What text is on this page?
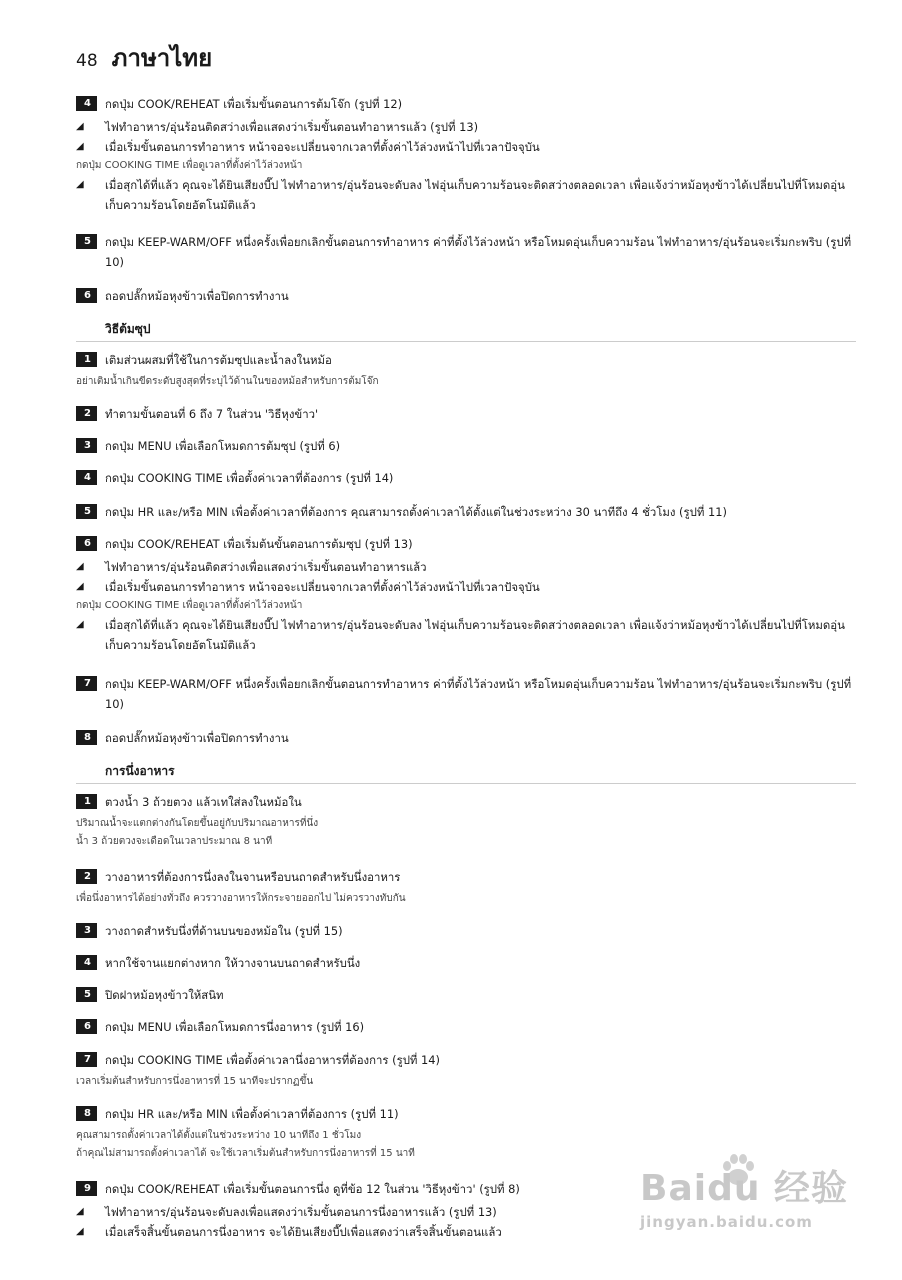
48 ภาษาไทย
4	กดปุ่ม COOK/REHEAT เพื่อเริ่มขั้นตอนการต้มโจ๊ก (รูปที่ 12)
◢	ไฟทำอาหาร/อุ่นร้อนติดสว่างเพื่อแสดงว่าเริ่มขั้นตอนทำอาหารแล้ว (รูปที่ 13)
◢	เมื่อเริ่มขั้นตอนการทำอาหาร หน้าจอจะเปลี่ยนจากเวลาที่ตั้งค่าไว้ล่วงหน้าไปที่เวลาปัจจุบัน
กดปุ่ม COOKING TIME เพื่อดูเวลาที่ตั้งค่าไว้ล่วงหน้า
◢	เมื่อสุกได้ที่แล้ว คุณจะได้ยินเสียงบี๊ป ไฟทำอาหาร/อุ่นร้อนจะดับลง ไฟอุ่นเก็บความร้อนจะติดสว่างตลอดเวลา เพื่อแจ้งว่าหม้อหุงข้าวได้เปลี่ยนไปที่โหมดอุ่นเก็บความร้อนโดยอัตโนมัติแล้ว
5	กดปุ่ม KEEP-WARM/OFF หนึ่งครั้งเพื่อยกเลิกขั้นตอนการทำอาหาร ค่าที่ตั้งไว้ล่วงหน้า หรือโหมดอุ่นเก็บความร้อน ไฟทำอาหาร/อุ่นร้อนจะเริ่มกะพริบ (รูปที่ 10)
6	ถอดปลั๊กหม้อหุงข้าวเพื่อปิดการทำงาน
วิธีต้มซุป
1	เติมส่วนผสมที่ใช้ในการต้มซุปและน้ำลงในหม้อ
อย่าเติมน้ำเกินขีดระดับสูงสุดที่ระบุไว้ด้านในของหม้อสำหรับการต้มโจ๊ก
2	ทำตามขั้นตอนที่ 6 ถึง 7 ในส่วน 'วิธีหุงข้าว'
3	กดปุ่ม MENU เพื่อเลือกโหมดการต้มซุป (รูปที่ 6)
4	กดปุ่ม COOKING TIME เพื่อตั้งค่าเวลาที่ต้องการ (รูปที่ 14)
5	กดปุ่ม HR และ/หรือ MIN เพื่อตั้งค่าเวลาที่ต้องการ คุณสามารถตั้งค่าเวลาได้ตั้งแต่ในช่วงระหว่าง 30 นาทีถึง 4 ชั่วโมง (รูปที่ 11)
6	กดปุ่ม COOK/REHEAT เพื่อเริ่มต้นขั้นตอนการต้มซุป (รูปที่ 13)
◢	ไฟทำอาหาร/อุ่นร้อนติดสว่างเพื่อแสดงว่าเริ่มขั้นตอนทำอาหารแล้ว
◢	เมื่อเริ่มขั้นตอนการทำอาหาร หน้าจอจะเปลี่ยนจากเวลาที่ตั้งค่าไว้ล่วงหน้าไปที่เวลาปัจจุบัน
กดปุ่ม COOKING TIME เพื่อดูเวลาที่ตั้งค่าไว้ล่วงหน้า
◢	เมื่อสุกได้ที่แล้ว คุณจะได้ยินเสียงบี๊ป ไฟทำอาหาร/อุ่นร้อนจะดับลง ไฟอุ่นเก็บความร้อนจะติดสว่างตลอดเวลา เพื่อแจ้งว่าหม้อหุงข้าวได้เปลี่ยนไปที่โหมดอุ่นเก็บความร้อนโดยอัตโนมัติแล้ว
7	กดปุ่ม KEEP-WARM/OFF หนึ่งครั้งเพื่อยกเลิกขั้นตอนการทำอาหาร ค่าที่ตั้งไว้ล่วงหน้า หรือโหมดอุ่นเก็บความร้อน ไฟทำอาหาร/อุ่นร้อนจะเริ่มกะพริบ (รูปที่ 10)
8	ถอดปลั๊กหม้อหุงข้าวเพื่อปิดการทำงาน
การนึ่งอาหาร
1	ตวงน้ำ 3 ถ้วยตวง แล้วเทใส่ลงในหม้อใน
ปริมาณน้ำจะแตกต่างกันโดยขึ้นอยู่กับปริมาณอาหารที่นึ่ง
น้ำ 3 ถ้วยตวงจะเดือดในเวลาประมาณ 8 นาที
2	วางอาหารที่ต้องการนึ่งลงในจานหรือบนถาดสำหรับนึ่งอาหาร
เพื่อนึ่งอาหารได้อย่างทั่วถึง ควรวางอาหารให้กระจายออกไป ไม่ควรวางทับกัน
3	วางถาดสำหรับนึ่งที่ด้านบนของหม้อใน (รูปที่ 15)
4	หากใช้จานแยกต่างหาก ให้วางจานบนถาดสำหรับนึ่ง
5	ปิดฝาหม้อหุงข้าวให้สนิท
6	กดปุ่ม MENU เพื่อเลือกโหมดการนึ่งอาหาร (รูปที่ 16)
7	กดปุ่ม COOKING TIME เพื่อตั้งค่าเวลานึ่งอาหารที่ต้องการ (รูปที่ 14)
เวลาเริ่มต้นสำหรับการนึ่งอาหารที่ 15 นาทีจะปรากฏขึ้น
8	กดปุ่ม HR และ/หรือ MIN เพื่อตั้งค่าเวลาที่ต้องการ (รูปที่ 11)
คุณสามารถตั้งค่าเวลาได้ตั้งแต่ในช่วงระหว่าง 10 นาทีถึง 1 ชั่วโมง
ถ้าคุณไม่สามารถตั้งค่าเวลาได้ จะใช้เวลาเริ่มต้นสำหรับการนึ่งอาหารที่ 15 นาที
9	กดปุ่ม COOK/REHEAT เพื่อเริ่มขั้นตอนการนึ่ง ดูที่ข้อ 12 ในส่วน 'วิธีหุงข้าว' (รูปที่ 8)
◢	ไฟทำอาหาร/อุ่นร้อนจะดับลงเพื่อแสดงว่าเริ่มขั้นตอนการนึ่งอาหารแล้ว (รูปที่ 13)
◢	เมื่อเสร็จสิ้นขั้นตอนการนึ่งอาหาร จะได้ยินเสียงบี๊ปเพื่อแสดงว่าเสร็จสิ้นขั้นตอนแล้ว
Baidu 经验
jingyan.baidu.com
